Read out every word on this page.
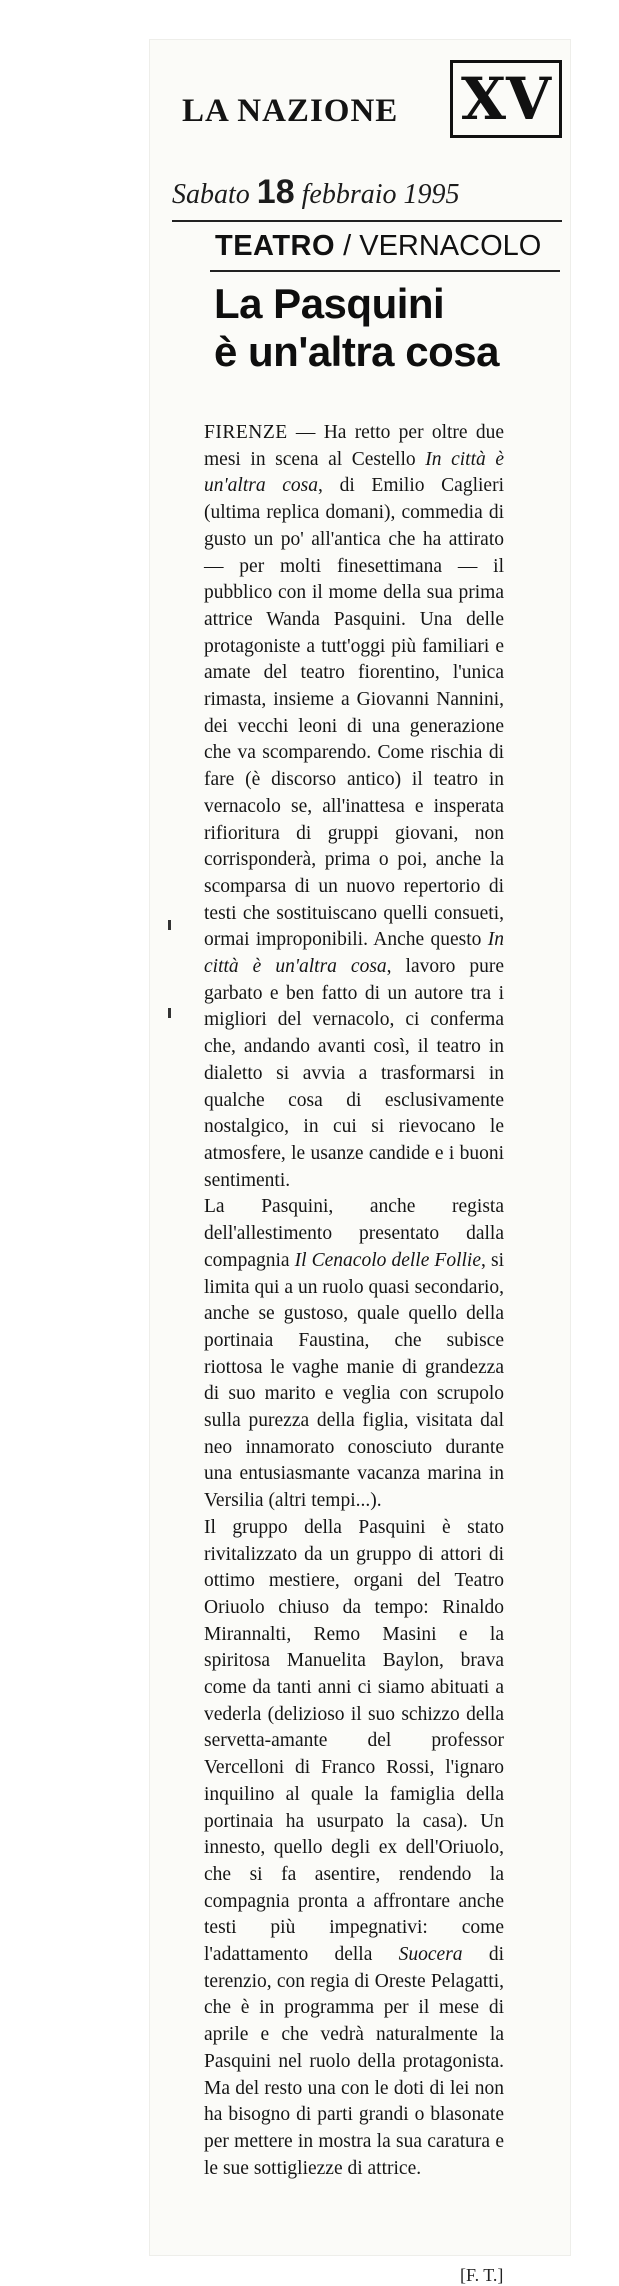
LA NAZIONE XV
Sabato 18 febbraio 1995
TEATRO / VERNACOLO
La Pasquini
è un'altra cosa

FIRENZE — Ha retto per oltre due mesi in scena al Cestello In città è un'altra cosa, di Emilio Caglieri (ultima replica domani), commedia di gusto un po' all'antica che ha attirato — per molti finesettimana — il pubblico con il mome della sua prima attrice Wanda Pasquini. Una delle protagoniste a tutt'oggi più familiari e amate del teatro fiorentino, l'unica rimasta, insieme a Giovanni Nannini, dei vecchi leoni di una generazione che va scomparendo. Come rischia di fare (è discorso antico) il teatro in vernacolo se, all'inattesa e insperata rifioritura di gruppi giovani, non corrisponderà, prima o poi, anche la scomparsa di un nuovo repertorio di testi che sostituiscano quelli consueti, ormai improponibili. Anche questo In città è un'altra cosa, lavoro pure garbato e ben fatto di un autore tra i migliori del vernacolo, ci conferma che, andando avanti così, il teatro in dialetto si avvia a trasformarsi in qualche cosa di esclusivamente nostalgico, in cui si rievocano le atmosfere, le usanze candide e i buoni sentimenti.

La Pasquini, anche regista dell'allestimento presentato dalla compagnia Il Cenacolo delle Follie, si limita qui a un ruolo quasi secondario, anche se gustoso, quale quello della portinaia Faustina, che subisce riottosa le vaghe manie di grandezza di suo marito e veglia con scrupolo sulla purezza della figlia, visitata dal neo innamorato conosciuto durante una entusiasmante vacanza marina in Versilia (altri tempi...).

Il gruppo della Pasquini è stato rivitalizzato da un gruppo di attori di ottimo mestiere, organi del Teatro Oriuolo chiuso da tempo: Rinaldo Mirannalti, Remo Masini e la spiritosa Manuelita Baylon, brava come da tanti anni ci siamo abituati a vederla (delizioso il suo schizzo della servetta-amante del professor Vercelloni di Franco Rossi, l'ignaro inquilino al quale la famiglia della portinaia ha usurpato la casa). Un innesto, quello degli ex dell'Oriuolo, che si fa asentire, rendendo la compagnia pronta a affrontare anche testi più impegnativi: come l'adattamento della Suocera di terenzio, con regia di Oreste Pelagatti, che è in programma per il mese di aprile e che vedrà naturalmente la Pasquini nel ruolo della protagonista. Ma del resto una con le doti di lei non ha bisogno di parti grandi o blasonate per mettere in mostra la sua caratura e le sue sottigliezze di attrice.

[F. T.]
